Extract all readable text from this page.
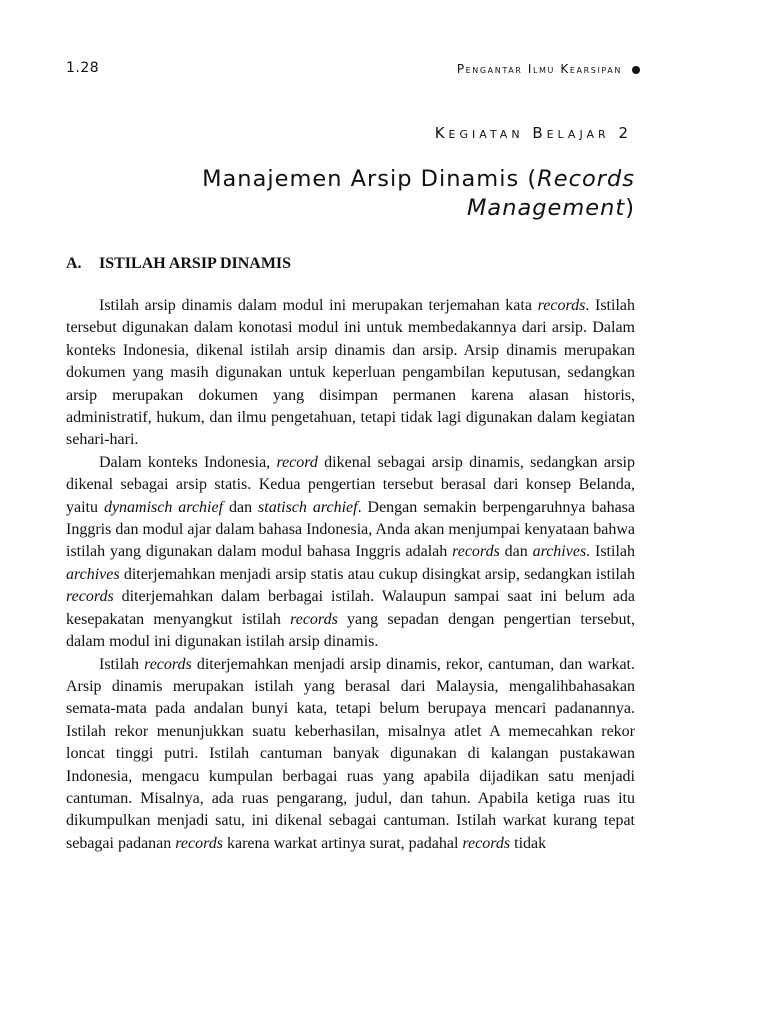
1.28	Pengantar Ilmu Kearsipan
Kegiatan Belajar 2
Manajemen Arsip Dinamis (Records
Management)
A. ISTILAH ARSIP DINAMIS

Istilah arsip dinamis dalam modul ini merupakan terjemahan kata records. Istilah tersebut digunakan dalam konotasi modul ini untuk membedakannya dari arsip. Dalam konteks Indonesia, dikenal istilah arsip dinamis dan arsip. Arsip dinamis merupakan dokumen yang masih digunakan untuk keperluan pengambilan keputusan, sedangkan arsip merupakan dokumen yang disimpan permanen karena alasan historis, administratif, hukum, dan ilmu pengetahuan, tetapi tidak lagi digunakan dalam kegiatan sehari-hari.

Dalam konteks Indonesia, record dikenal sebagai arsip dinamis, sedangkan arsip dikenal sebagai arsip statis. Kedua pengertian tersebut berasal dari konsep Belanda, yaitu dynamisch archief dan statisch archief. Dengan semakin berpengaruhnya bahasa Inggris dan modul ajar dalam bahasa Indonesia, Anda akan menjumpai kenyataan bahwa istilah yang digunakan dalam modul bahasa Inggris adalah records dan archives. Istilah archives diterjemahkan menjadi arsip statis atau cukup disingkat arsip, sedangkan istilah records diterjemahkan dalam berbagai istilah. Walaupun sampai saat ini belum ada kesepakatan menyangkut istilah records yang sepadan dengan pengertian tersebut, dalam modul ini digunakan istilah arsip dinamis.

Istilah records diterjemahkan menjadi arsip dinamis, rekor, cantuman, dan warkat. Arsip dinamis merupakan istilah yang berasal dari Malaysia, mengalihbahasakan semata-mata pada andalan bunyi kata, tetapi belum berupaya mencari padanannya. Istilah rekor menunjukkan suatu keberhasilan, misalnya atlet A memecahkan rekor loncat tinggi putri. Istilah cantuman banyak digunakan di kalangan pustakawan Indonesia, mengacu kumpulan berbagai ruas yang apabila dijadikan satu menjadi cantuman. Misalnya, ada ruas pengarang, judul, dan tahun. Apabila ketiga ruas itu dikumpulkan menjadi satu, ini dikenal sebagai cantuman. Istilah warkat kurang tepat sebagai padanan records karena warkat artinya surat, padahal records tidak
